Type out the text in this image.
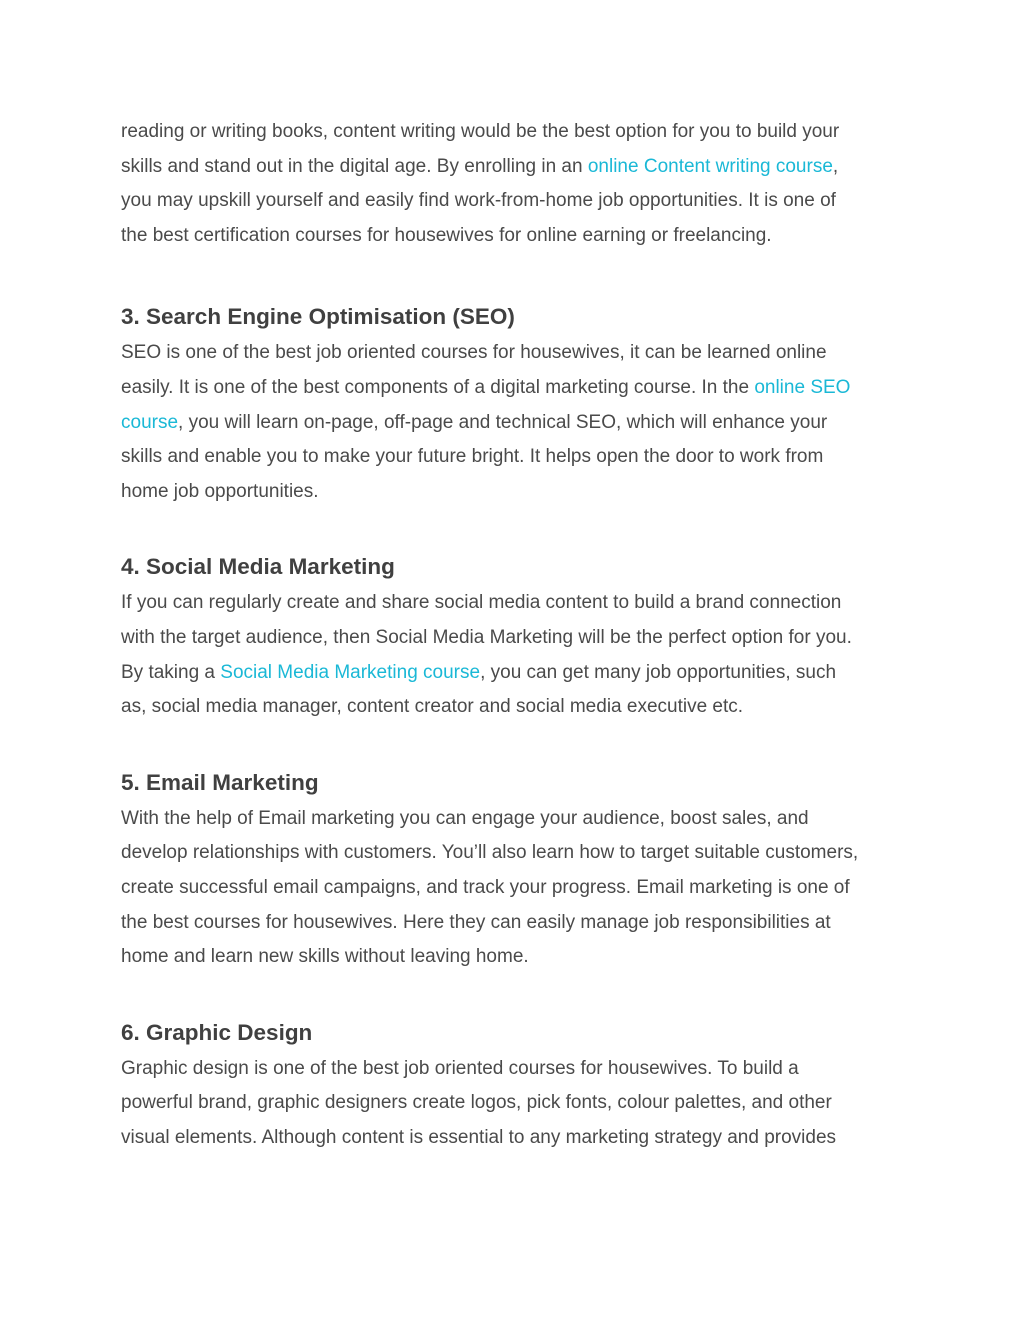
reading or writing books, content writing would be the best option for you to build your
skills and stand out in the digital age. By enrolling in an online Content writing course,
you may upskill yourself and easily find work-from-home job opportunities. It is one of
the best certification courses for housewives for online earning or freelancing.

3. Search Engine Optimisation (SEO)

SEO is one of the best job oriented courses for housewives, it can be learned online
easily. It is one of the best components of a digital marketing course. In the online SEO
course, you will learn on-page, off-page and technical SEO, which will enhance your
skills and enable you to make your future bright. It helps open the door to work from
home job opportunities.

4. Social Media Marketing

If you can regularly create and share social media content to build a brand connection
with the target audience, then Social Media Marketing will be the perfect option for you.
By taking a Social Media Marketing course, you can get many job opportunities, such
as, social media manager, content creator and social media executive etc.

5. Email Marketing

With the help of Email marketing you can engage your audience, boost sales, and
develop relationships with customers. You’ll also learn how to target suitable customers,
create successful email campaigns, and track your progress. Email marketing is one of
the best courses for housewives. Here they can easily manage job responsibilities at
home and learn new skills without leaving home.

6. Graphic Design

Graphic design is one of the best job oriented courses for housewives. To build a
powerful brand, graphic designers create logos, pick fonts, colour palettes, and other
visual elements. Although content is essential to any marketing strategy and provides
